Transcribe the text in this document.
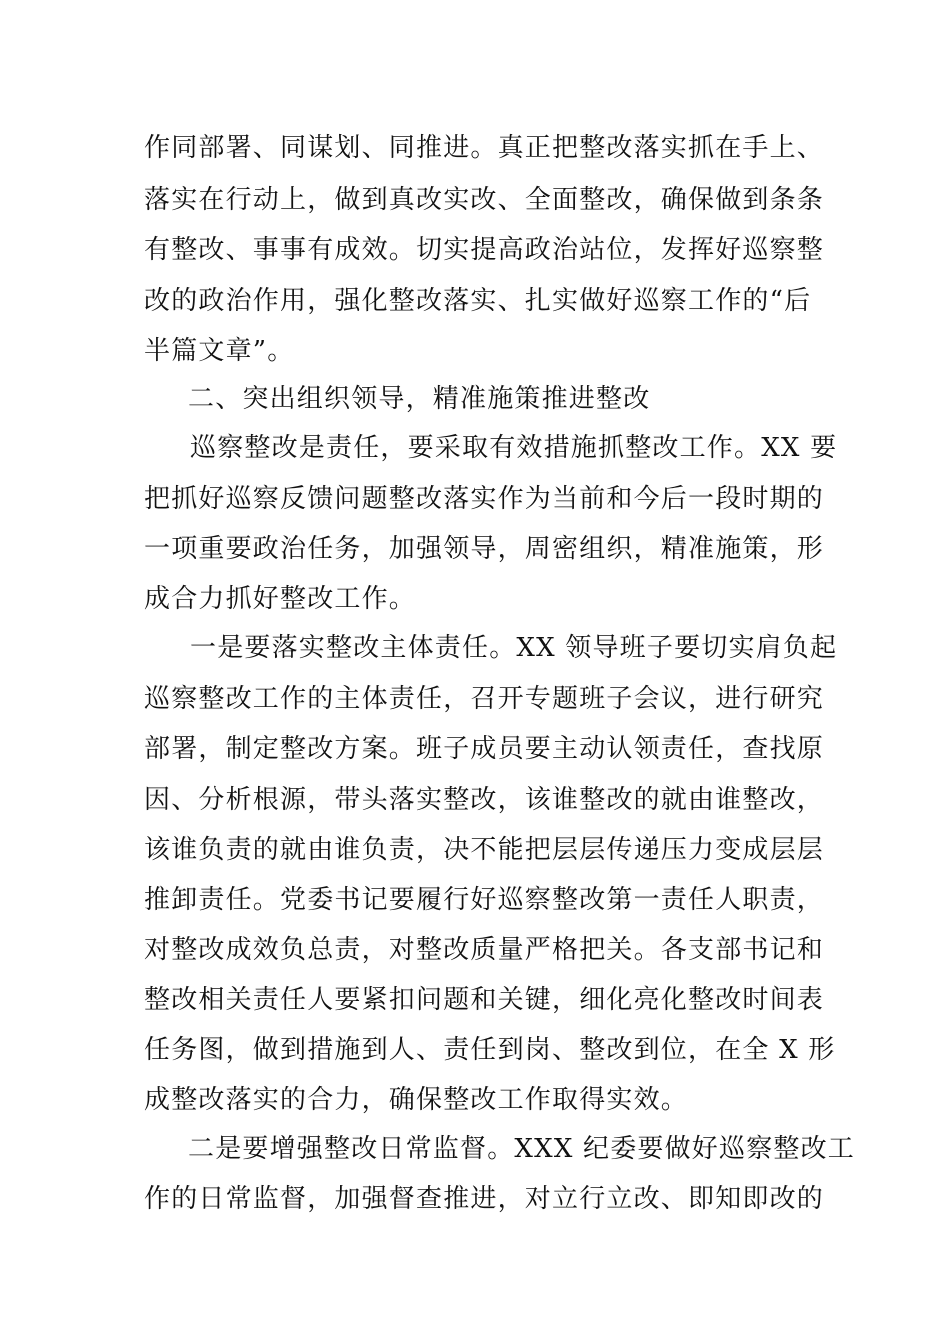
作同部署、同谋划、同推进。真正把整改落实抓在手上、
落实在行动上，做到真改实改、全面整改，确保做到条条
有整改、事事有成效。切实提高政治站位，发挥好巡察整
改的政治作用，强化整改落实、扎实做好巡察工作的“后
半篇文章”。
二、突出组织领导，精准施策推进整改
巡察整改是责任，要采取有效措施抓整改工作。XX 要
把抓好巡察反馈问题整改落实作为当前和今后一段时期的
一项重要政治任务，加强领导，周密组织，精准施策，形
成合力抓好整改工作。
一是要落实整改主体责任。XX 领导班子要切实肩负起
巡察整改工作的主体责任，召开专题班子会议，进行研究
部署，制定整改方案。班子成员要主动认领责任，查找原
因、分析根源，带头落实整改，该谁整改的就由谁整改，
该谁负责的就由谁负责，决不能把层层传递压力变成层层
推卸责任。党委书记要履行好巡察整改第一责任人职责，
对整改成效负总责，对整改质量严格把关。各支部书记和
整改相关责任人要紧扣问题和关键，细化亮化整改时间表
任务图，做到措施到人、责任到岗、整改到位，在全 X 形
成整改落实的合力，确保整改工作取得实效。
二是要增强整改日常监督。XXX 纪委要做好巡察整改工
作的日常监督，加强督查推进，对立行立改、即知即改的
